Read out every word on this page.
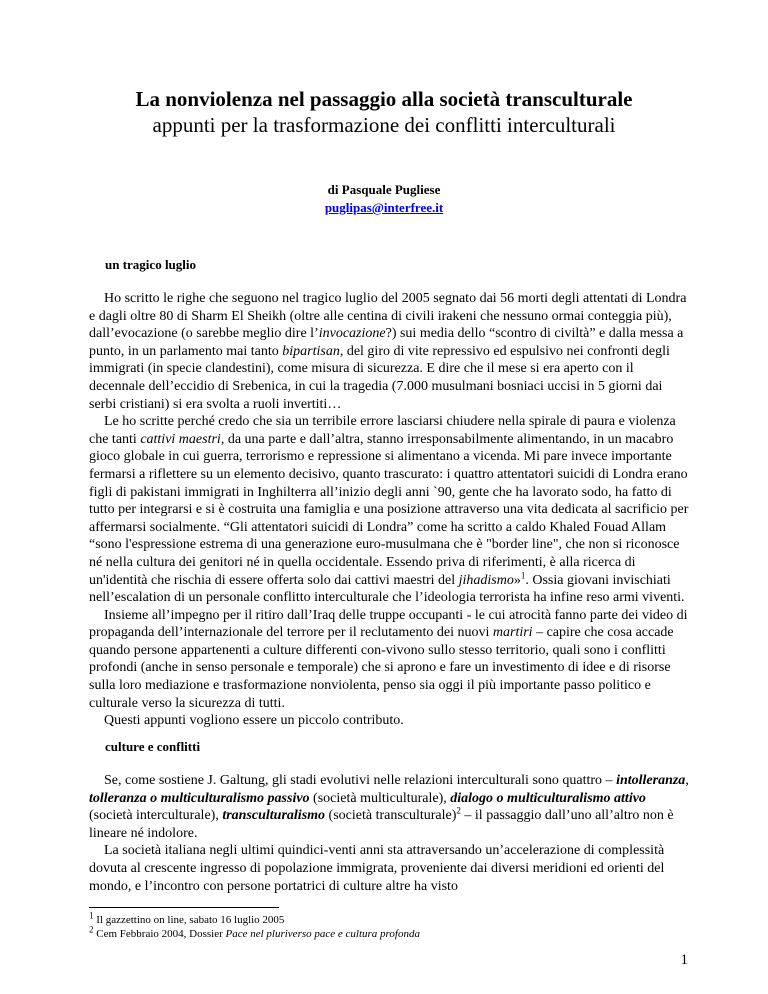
La nonviolenza nel passaggio alla società transculturale
appunti per la trasformazione dei conflitti interculturali
di Pasquale Pugliese
puglipas@interfree.it
un tragico luglio

Ho scritto le righe che seguono nel tragico luglio del 2005 segnato dai 56 morti degli attentati di Londra e dagli oltre 80 di Sharm El Sheikh (oltre alle centina di civili irakeni che nessuno ormai conteggia più), dall’evocazione (o sarebbe meglio dire l’invocazione?) sui media dello “scontro di civiltà” e dalla messa a punto, in un parlamento mai tanto bipartisan, del giro di vite repressivo ed espulsivo nei confronti degli immigrati (in specie clandestini), come misura di sicurezza. E dire che il mese si era aperto con il decennale dell’eccidio di Srebenica, in cui la tragedia (7.000 musulmani bosniaci uccisi in 5 giorni dai serbi cristiani) si era svolta a ruoli invertiti…

Le ho scritte perché credo che sia un terribile errore lasciarsi chiudere nella spirale di paura e violenza che tanti cattivi maestri, da una parte e dall’altra, stanno irresponsabilmente alimentando, in un macabro gioco globale in cui guerra, terrorismo e repressione si alimentano a vicenda. Mi pare invece importante fermarsi a riflettere su un elemento decisivo, quanto trascurato: i quattro attentatori suicidi di Londra erano figli di pakistani immigrati in Inghilterra all’inizio degli anni `90, gente che ha lavorato sodo, ha fatto di tutto per integrarsi e si è costruita una famiglia e una posizione attraverso una vita dedicata al sacrificio per affermarsi socialmente. “Gli attentatori suicidi di Londra” come ha scritto a caldo Khaled Fouad Allam “sono l'espressione estrema di una generazione euro-musulmana che è "border line", che non si riconosce né nella cultura dei genitori né in quella occidentale. Essendo priva di riferimenti, è alla ricerca di un'identità che rischia di essere offerta solo dai cattivi maestri del jihadismo»$^1$. Ossia giovani invischiati nell’escalation di un personale conflitto interculturale che l’ideologia terrorista ha infine reso armi viventi.

Insieme all’impegno per il ritiro dall’Iraq delle truppe occupanti - le cui atrocità fanno parte dei video di propaganda dell’internazionale del terrore per il reclutamento dei nuovi martiri – capire che cosa accade quando persone appartenenti a culture differenti con-vivono sullo stesso territorio, quali sono i conflitti profondi (anche in senso personale e temporale) che si aprono e fare un investimento di idee e di risorse sulla loro mediazione e trasformazione nonviolenta, penso sia oggi il più importante passo politico e culturale verso la sicurezza di tutti.

Questi appunti vogliono essere un piccolo contributo.

culture e conflitti

Se, come sostiene J. Galtung, gli stadi evolutivi nelle relazioni interculturali sono quattro – intolleranza, tolleranza o multiculturalismo passivo (società multiculturale), dialogo o multiculturalismo attivo (società interculturale), transculturalismo (società transculturale)$^2$ – il passaggio dall’uno all’altro non è lineare né indolore.

La società italiana negli ultimi quindici-venti anni sta attraversando un’accelerazione di complessità dovuta al crescente ingresso di popolazione immigrata, proveniente dai diversi meridioni ed orienti del mondo, e l’incontro con persone portatrici di culture altre ha visto

$^1$ Il gazzettino on line, sabato 16 luglio 2005
$^2$ Cem Febbraio 2004, Dossier Pace nel pluriverso pace e cultura profonda
1
